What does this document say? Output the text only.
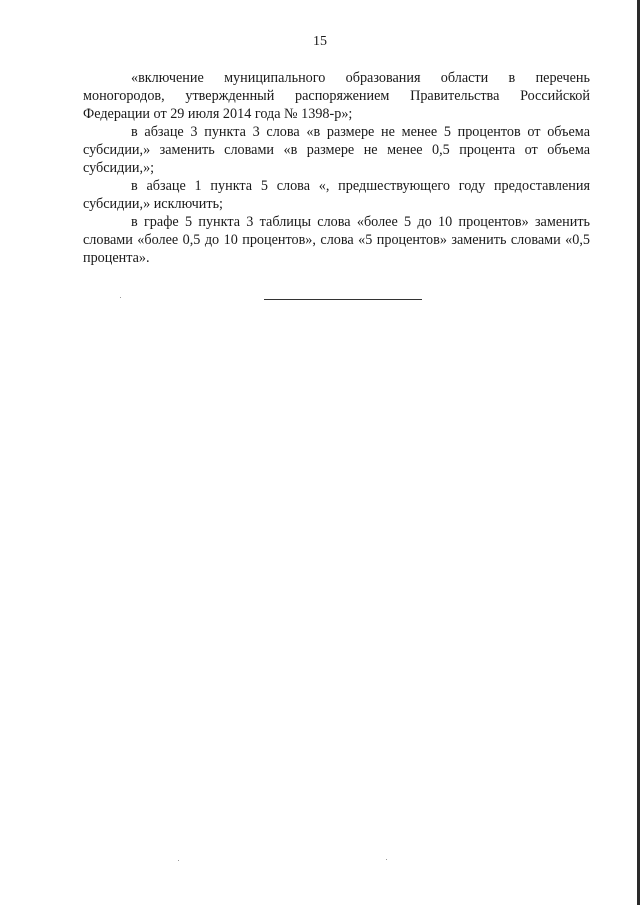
15

«включение муниципального образования области в перечень моногородов, утвержденный распоряжением Правительства Российской Федерации от 29 июля 2014 года № 1398-р»;

в абзаце 3 пункта 3 слова «в размере не менее 5 процентов от объема субсидии,» заменить словами «в размере не менее 0,5 процента от объема субсидии,»;

в абзаце 1 пункта 5 слова «, предшествующего году предоставления субсидии,» исключить;

в графе 5 пункта 3 таблицы слова «более 5 до 10 процентов» заменить словами «более 0,5 до 10 процентов», слова «5 процентов» заменить словами «0,5 процента».
